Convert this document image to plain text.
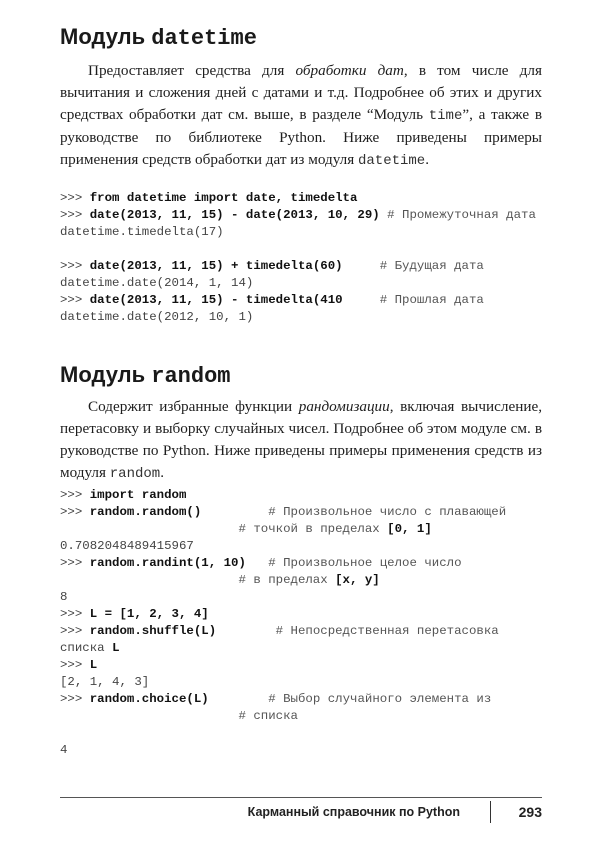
Модуль datetime

Предоставляет средства для обработки дат, в том числе для вычитания и сложения дней с датами и т.д. Подробнее об этих и других средствах обработки дат см. выше, в разделе “Модуль time”, а также в руководстве по библиотеке Python. Ниже приведены примеры применения средств обработки дат из модуля datetime.

>>> from datetime import date, timedelta
>>> date(2013, 11, 15) - date(2013, 10, 29) # Промежуточная дата
datetime.timedelta(17)
>>> date(2013, 11, 15) + timedelta(60)     # Будущая дата
datetime.date(2014, 1, 14)
>>> date(2013, 11, 15) - timedelta(410     # Прошлая дата
datetime.date(2012, 10, 1)
Модуль random

Содержит избранные функции рандомизации, включая вычисление, перетасовку и выборку случайных чисел. Подробнее об этом модуле см. в руководстве по Python. Ниже приведены примеры применения средств из модуля random.

>>> import random
>>> random.random()         # Произвольное число с плавающей
# точкой в пределах [0, 1]
0.7082048489415967
>>> random.randint(1, 10)   # Произвольное целое число
# в пределах [x, y]
8
>>> L = [1, 2, 3, 4]
>>> random.shuffle(L)        # Непосредственная перетасовка
списка L
>>> L
[2, 1, 4, 3]
>>> random.choice(L)        # Выбор случайного элемента из
# списка
4
Карманный справочник по Python	293
